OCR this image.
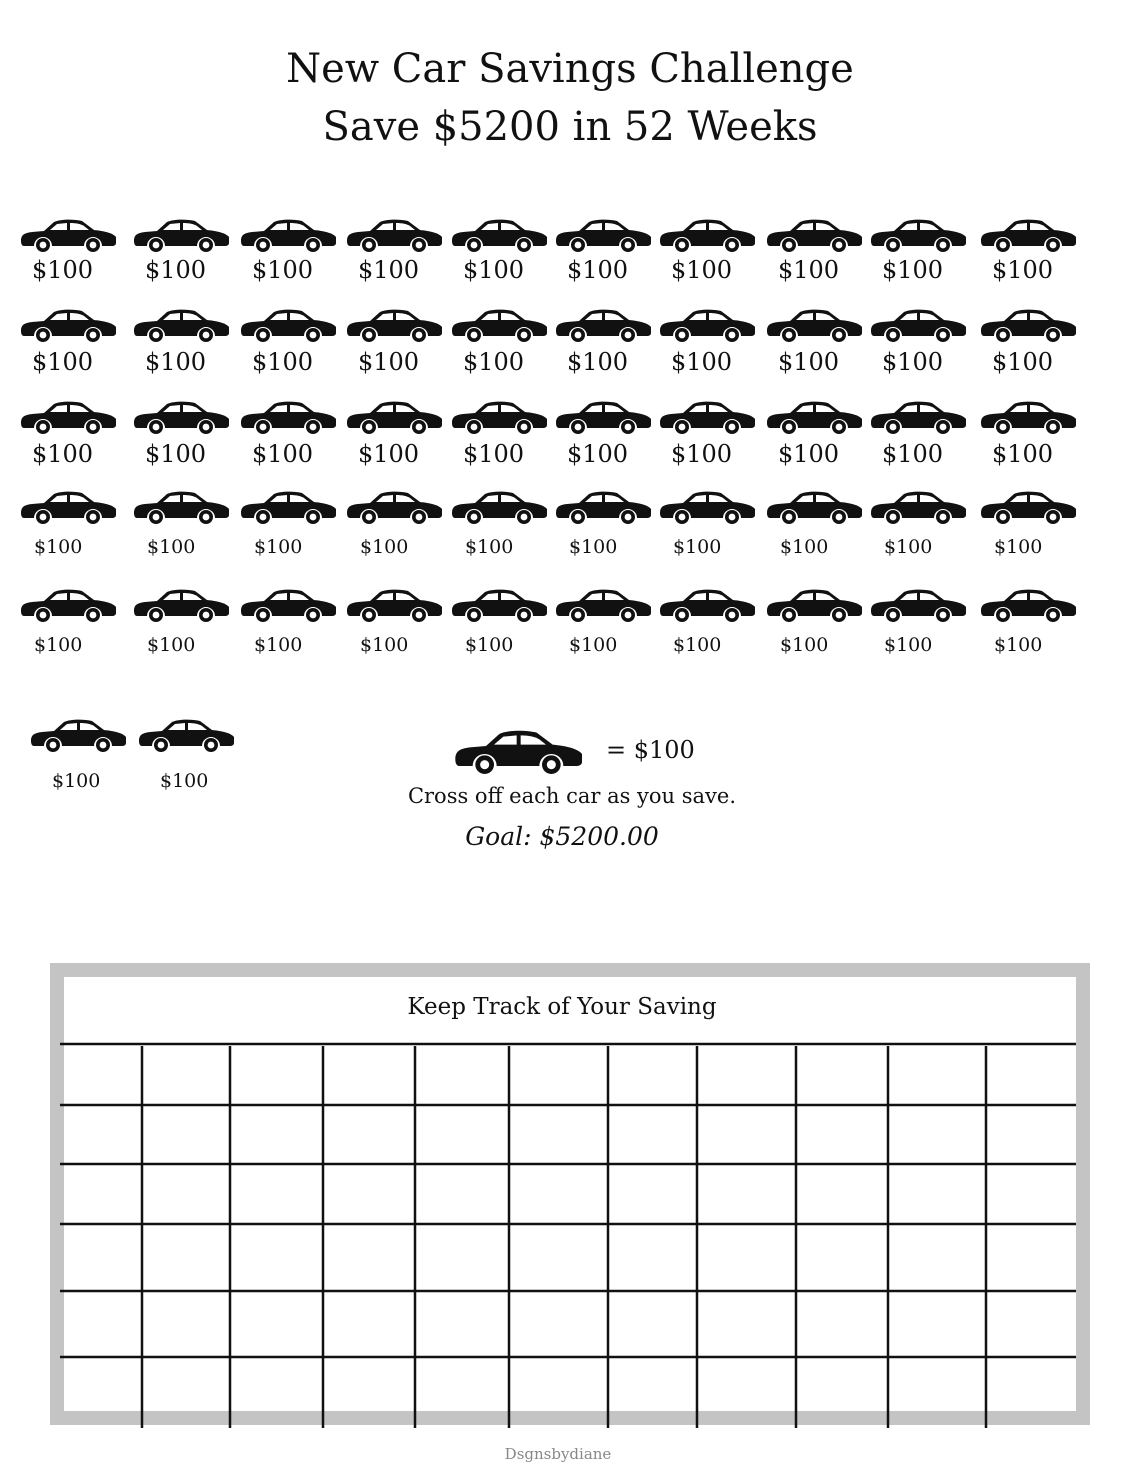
New Car Savings Challenge
Save $5200 in 52 Weeks
$100 $100 $100 $100 $100 $100 $100 $100 $100 $100
$100 $100 $100 $100 $100 $100 $100 $100 $100 $100
$100 $100 $100 $100 $100 $100 $100 $100 $100 $100
$100	$100	$100	$100	$100	$100	$100	$100	$100	$100
$100	$100	$100	$100	$100	$100	$100	$100	$100	$100
$100	$100
= $100
Cross off each car as you save.
Goal: $5200.00
Keep Track of Your Saving
Dsgnsbydiane
